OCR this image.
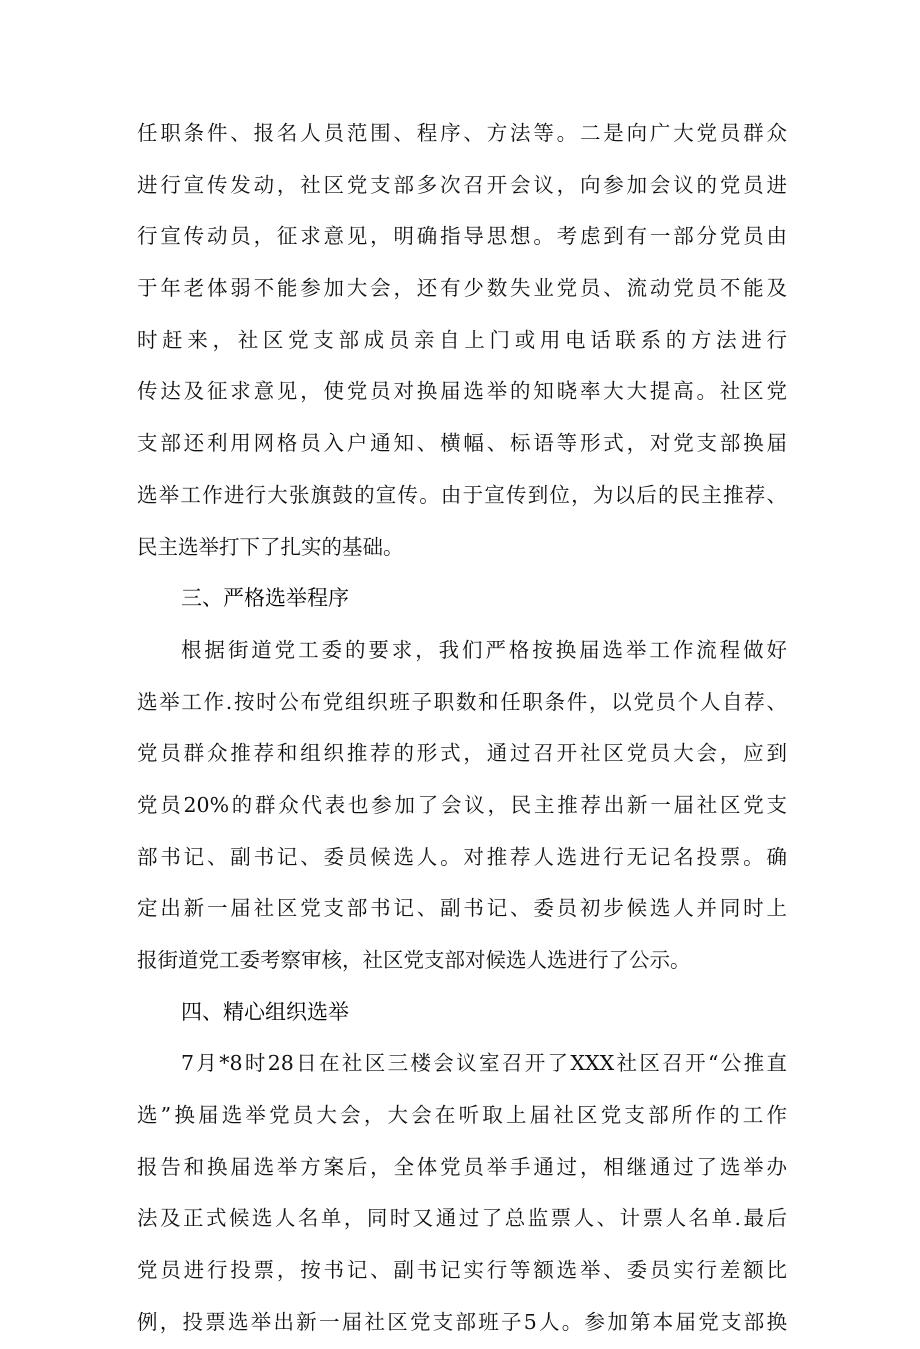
任职条件、报名人员范围、程序、方法等。二是向广大党员群众
进行宣传发动，社区党支部多次召开会议，向参加会议的党员进
行宣传动员，征求意见，明确指导思想。考虑到有一部分党员由
于年老体弱不能参加大会，还有少数失业党员、流动党员不能及
时赶来，社区党支部成员亲自上门或用电话联系的方法进行
传达及征求意见，使党员对换届选举的知晓率大大提高。社区党
支部还利用网格员入户通知、横幅、标语等形式，对党支部换届
选举工作进行大张旗鼓的宣传。由于宣传到位，为以后的民主推荐、
民主选举打下了扎实的基础。
三、严格选举程序
根据街道党工委的要求，我们严格按换届选举工作流程做好
选举工作.按时公布党组织班子职数和任职条件，以党员个人自荐、
党员群众推荐和组织推荐的形式，通过召开社区党员大会，应到
党员20%的群众代表也参加了会议，民主推荐出新一届社区党支
部书记、副书记、委员候选人。对推荐人选进行无记名投票。确
定出新一届社区党支部书记、副书记、委员初步候选人并同时上
报街道党工委考察审核，社区党支部对候选人选进行了公示。
四、精心组织选举
7月*8时28日在社区三楼会议室召开了XXX社区召开“公推直
选”换届选举党员大会，大会在听取上届社区党支部所作的工作
报告和换届选举方案后，全体党员举手通过，相继通过了选举办
法及正式候选人名单，同时又通过了总监票人、计票人名单.最后
党员进行投票，按书记、副书记实行等额选举、委员实行差额比
例，投票选举出新一届社区党支部班子5人。参加第本届党支部换
